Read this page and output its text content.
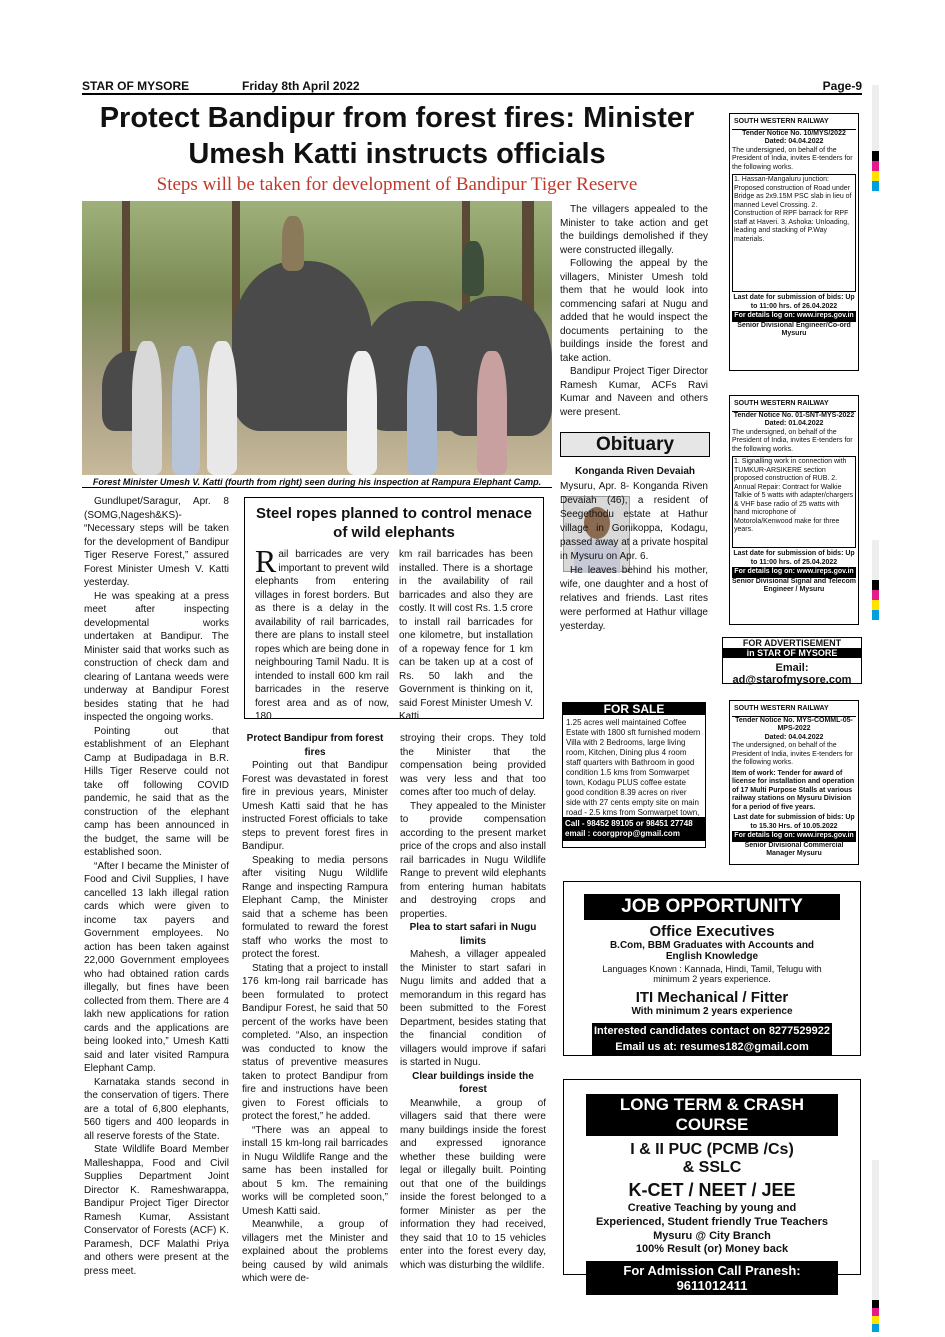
STAR OF MYSORE	Friday 8th April 2022	Page-9
Protect Bandipur from forest fires: Minister Umesh Katti instructs officials
Steps will be taken for development of Bandipur Tiger Reserve
Forest Minister Umesh V. Katti (fourth from right) seen during his inspection at Rampura Elephant Camp.

Gundlupet/Saragur, Apr. 8 (SOMG,Nagesh&KS)- “Necessary steps will be taken for the development of Bandipur Tiger Reserve Forest,” assured Forest Minister Umesh V. Katti yesterday.

He was speaking at a press meet after inspecting developmental works undertaken at Bandipur. The Minister said that works such as construction of check dam and clearing of Lantana weeds were underway at Bandipur Forest besides stating that he had inspected the ongoing works.

Pointing out that establishment of an Elephant Camp at Budipadaga in B.R. Hills Tiger Reserve could not take off following COVID pandemic, he said that as the construction of the elephant camp has been announced in the budget, the same will be established soon.

“After I became the Minister of Food and Civil Supplies, I have cancelled 13 lakh illegal ration cards which were given to income tax payers and Government employees. No action has been taken against 22,000 Government employees who had obtained ration cards illegally, but fines have been collected from them. There are 4 lakh new applications for ration cards and the applications are being looked into,” Umesh Katti said and later visited Rampura Elephant Camp.

Karnataka stands second in the conservation of tigers. There are a total of 6,800 elephants, 560 tigers and 400 leopards in all reserve forests of the State.

State Wildlife Board Member Malleshappa, Food and Civil Supplies Department Joint Director K. Rameshwarappa, Bandipur Project Tiger Director Ramesh Kumar, Assistant Conservator of Forests (ACF) K. Paramesh, DCF Malathi Priya and others were present at the press meet.

Steel ropes planned to control menace of wild elephants
Rail barricades are very important to prevent wild elephants from entering villages in forest borders. But as there is a delay in the availability of rail barricades, there are plans to install steel ropes which are being done in neighbouring Tamil Nadu. It is intended to install 600 km rail barricades in the reserve forest area and as of now, 180
km rail barricades has been installed. There is a shortage in the availability of rail barricades and also they are costly. It will cost Rs. 1.5 crore to install rail barricades for one kilometre, but installation of a ropeway fence for 1 km can be taken up at a cost of Rs. 50 lakh and the Government is thinking on it, said Forest Minister Umesh V. Katti.

Protect Bandipur from forest fires

Pointing out that Bandipur Forest was devastated in forest fire in previous years, Minister Umesh Katti said that he has instructed Forest officials to take steps to prevent forest fires in Bandipur.

Speaking to media persons after visiting Nugu Wildlife Range and inspecting Rampura Elephant Camp, the Minister said that a scheme has been formulated to reward the forest staff who works the most to protect the forest.

Stating that a project to install 176 km-long rail barricade has been formulated to protect Bandipur Forest, he said that 50 percent of the works have been completed. “Also, an inspection was conducted to know the status of preventive measures taken to protect Bandipur from fire and instructions have been given to Forest officials to protect the forest,” he added.

“There was an appeal to install 15 km-long rail barricades in Nugu Wildlife Range and the same has been installed for about 5 km. The remaining works will be completed soon,” Umesh Katti said.

Meanwhile, a group of villagers met the Minister and explained about the problems being caused by wild animals which were de-

stroying their crops. They told the Minister that the compensation being provided was very less and that too comes after too much of delay.

They appealed to the Minister to provide compensation according to the present market price of the crops and also install rail barricades in Nugu Wildlife Range to prevent wild elephants from entering human habitats and destroying crops and properties.

Plea to start safari in Nugu limits

Mahesh, a villager appealed the Minister to start safari in Nugu limits and added that a memorandum in this regard has been submitted to the Forest Department, besides stating that the financial condition of villagers would improve if safari is started in Nugu.

Clear buildings inside the forest

Meanwhile, a group of villagers said that there were many buildings inside the forest and expressed ignorance whether these building were legal or illegally built. Pointing out that one of the buildings inside the forest belonged to a former Minister as per the information they had received, they said that 10 to 15 vehicles enter into the forest every day, which was disturbing the wildlife.

The villagers appealed to the Minister to take action and get the buildings demolished if they were constructed illegally.

Following the appeal by the villagers, Minister Umesh told them that he would look into commencing safari at Nugu and added that he would inspect the documents pertaining to the buildings inside the forest and take action.

Bandipur Project Tiger Director Ramesh Kumar, ACFs Ravi Kumar and Naveen and others were present.

Obituary
Konganda Riven Devaiah

Mysuru, Apr. 8- Konganda Riven Devaiah (46), a resident of Seegethodu estate at Hathur village in Gonikoppa, Kodagu, passed away at a private hospital in Mysuru on Apr. 6.

He leaves behind his mother, wife, one daughter and a host of relatives and friends. Last rites were performed at Hathur village yesterday.

FOR SALE
1.25 acres well maintained Coffee Estate with 1800 sft furnished modern Villa with 2 Bedrooms, large living room, Kitchen, Dining plus 4 room staff quarters with Bathroom in good condition 1.5 kms from Somwarpet town, Kodagu PLUS coffee estate good condition 8.39 acres on river side with 27 cents empty site on main road - 2.5 kms from Somwarpet town,
Call - 98452 89105 or 98451 27748 email : coorgprop@gmail.com
SOUTH WESTERN RAILWAY
Tender Notice No. 10/MYS/2022
Dated: 04.04.2022
The undersigned, on behalf of the President of India, invites E-tenders for the following works.
1. Hassan-Mangaluru junction: Proposed construction of Road under Bridge as 2x9.15M PSC slab in lieu of manned Level Crossing. 2. Construction of RPF barrack for RPF staff at Haveri. 3. Ashoka: Unloading, leading and stacking of P.Way materials.
Last date for submission of bids: Up to 11:00 hrs. of 26.04.2022
For details log on: www.ireps.gov.in
Senior Divisional Engineer/Co-ord Mysuru
SOUTH WESTERN RAILWAY
Tender Notice No. 01-SNT-MYS-2022
Dated: 01.04.2022
The undersigned, on behalf of the President of India, invites E-tenders for the following works.
1. Signalling work in connection with TUMKUR-ARSIKERE section proposed construction of RUB. 2. Annual Repair: Contract for Walkie Talkie of 5 watts with adapter/chargers & VHF base radio of 25 watts with hand microphone of Motorola/Kenwood make for three years.
Last date for submission of bids: Up to 11:00 hrs. of 25.04.2022
For details log on: www.ireps.gov.in
Senior Divisional Signal and Telecom Engineer / Mysuru
FOR ADVERTISEMENT
in STAR OF MYSORE
Email: ad@starofmysore.com
SOUTH WESTERN RAILWAY
Tender Notice No. MYS-COMML-05-MPS-2022
Dated: 04.04.2022
The undersigned, on behalf of the President of India, invites E-tenders for the following works.
Item of work: Tender for award of license for installation and operation of 17 Multi Purpose Stalls at various railway stations on Mysuru Division for a period of five years.
Last date for submission of bids: Up to 15.30 Hrs. of 10.05.2022
For details log on: www.ireps.gov.in
Senior Divisional Commercial Manager Mysuru
JOB OPPORTUNITY
Office Executives
B.Com, BBM Graduates with Accounts and English Knowledge
Languages Known : Kannada, Hindi, Tamil, Telugu with minimum 2 years experience.
ITI Mechanical / Fitter
With minimum 2 years experience
Interested candidates contact on 8277529922
Email us at: resumes182@gmail.com
LONG TERM & CRASH COURSE
I & II PUC (PCMB /Cs) & SSLC
K-CET / NEET / JEE
Creative Teaching by young and Experienced, Student friendly True Teachers Mysuru @ City Branch
100% Result (or) Money back
For Admission Call Pranesh: 9611012411
